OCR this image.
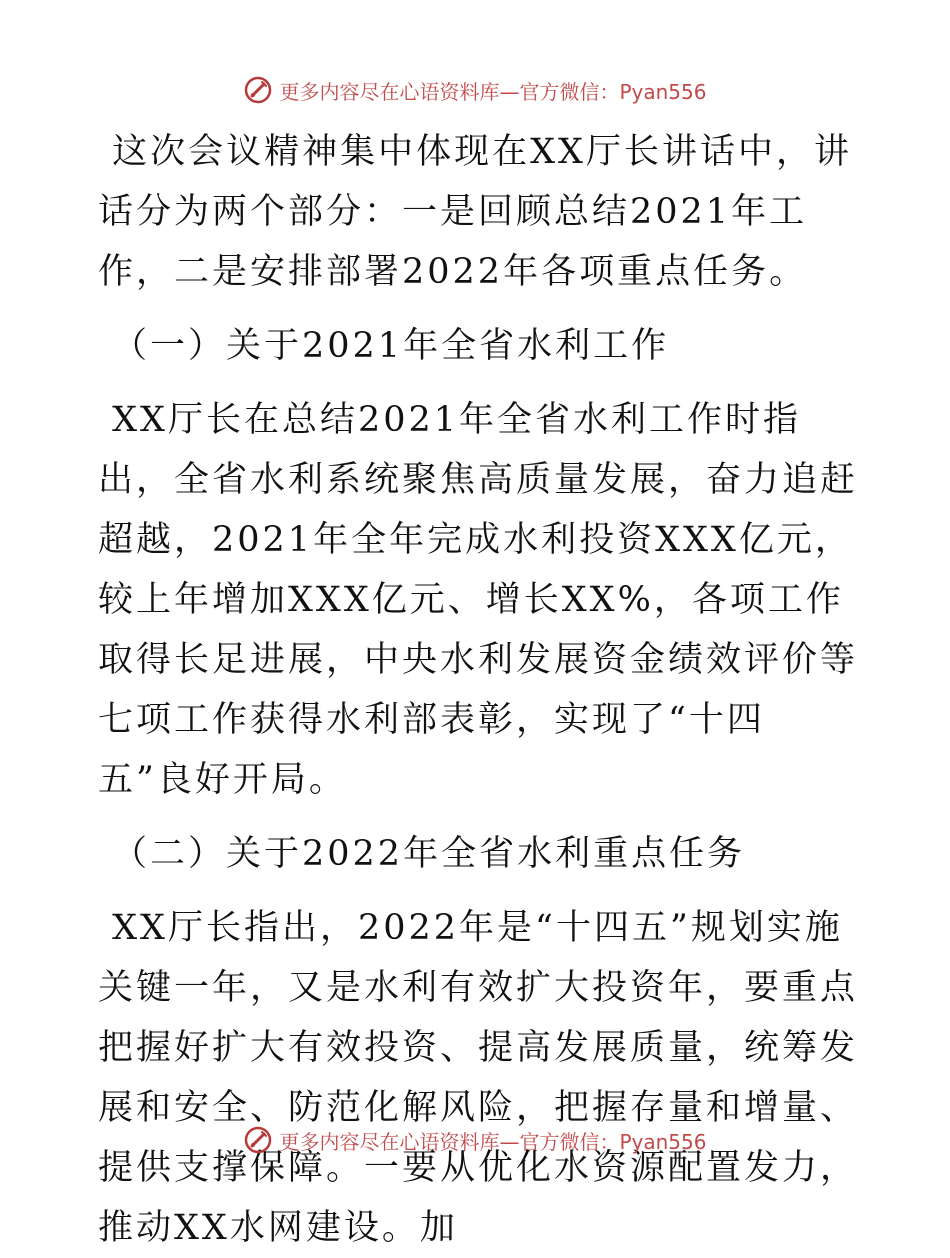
更多内容尽在心语资料库 —官方微信：Pyan556

这次会议精神集中体现在XX厅长讲话中，讲话分为两个部分：一是回顾总结2021年工作，二是安排部署2022年各项重点任务。

（一）关于2021年全省水利工作

XX厅长在总结2021年全省水利工作时指出，全省水利系统聚焦高质量发展，奋力追赶超越，2021年全年完成水利投资XXX亿元，较上年增加XXX亿元、增长XX%，各项工作取得长足进展，中央水利发展资金绩效评价等七项工作获得水利部表彰，实现了“十四五”良好开局。

（二）关于2022年全省水利重点任务

XX厅长指出，2022年是“十四五”规划实施关键一年，又是水利有效扩大投资年，要重点把握好扩大有效投资、提高发展质量，统筹发展和安全、防范化解风险，把握存量和增量、提供支撑保障。一要从优化水资源配置发力，推动XX水网建设。加

更多内容尽在心语资料库 —官方微信：Pyan556
